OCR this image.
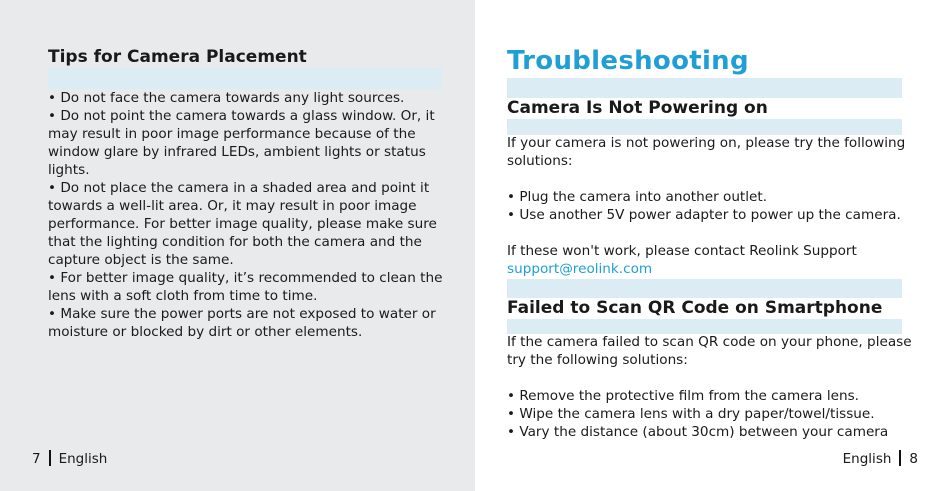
Tips for Camera Placement

• Do not face the camera towards any light sources.

• Do not point the camera towards a glass window. Or, it may result in poor image performance because of the window glare by infrared LEDs, ambient lights or status lights.

• Do not place the camera in a shaded area and point it towards a well-lit area. Or, it may result in poor image performance. For better image quality, please make sure that the lighting condition for both the camera and the capture object is the same.

• For better image quality, it’s recommended to clean the lens with a soft cloth from time to time.

• Make sure the power ports are not exposed to water or moisture or blocked by dirt or other elements.

7 English
Troubleshooting
Camera Is Not Powering on

If your camera is not powering on, please try the following solutions:

• Plug the camera into another outlet.

• Use another 5V power adapter to power up the camera.

If these won't work, please contact Reolink Support

support@reolink.com

Failed to Scan QR Code on Smartphone

If the camera failed to scan QR code on your phone, please try the following solutions:

• Remove the protective film from the camera lens.

• Wipe the camera lens with a dry paper/towel/tissue.

• Vary the distance (about 30cm) between your camera

English 8
